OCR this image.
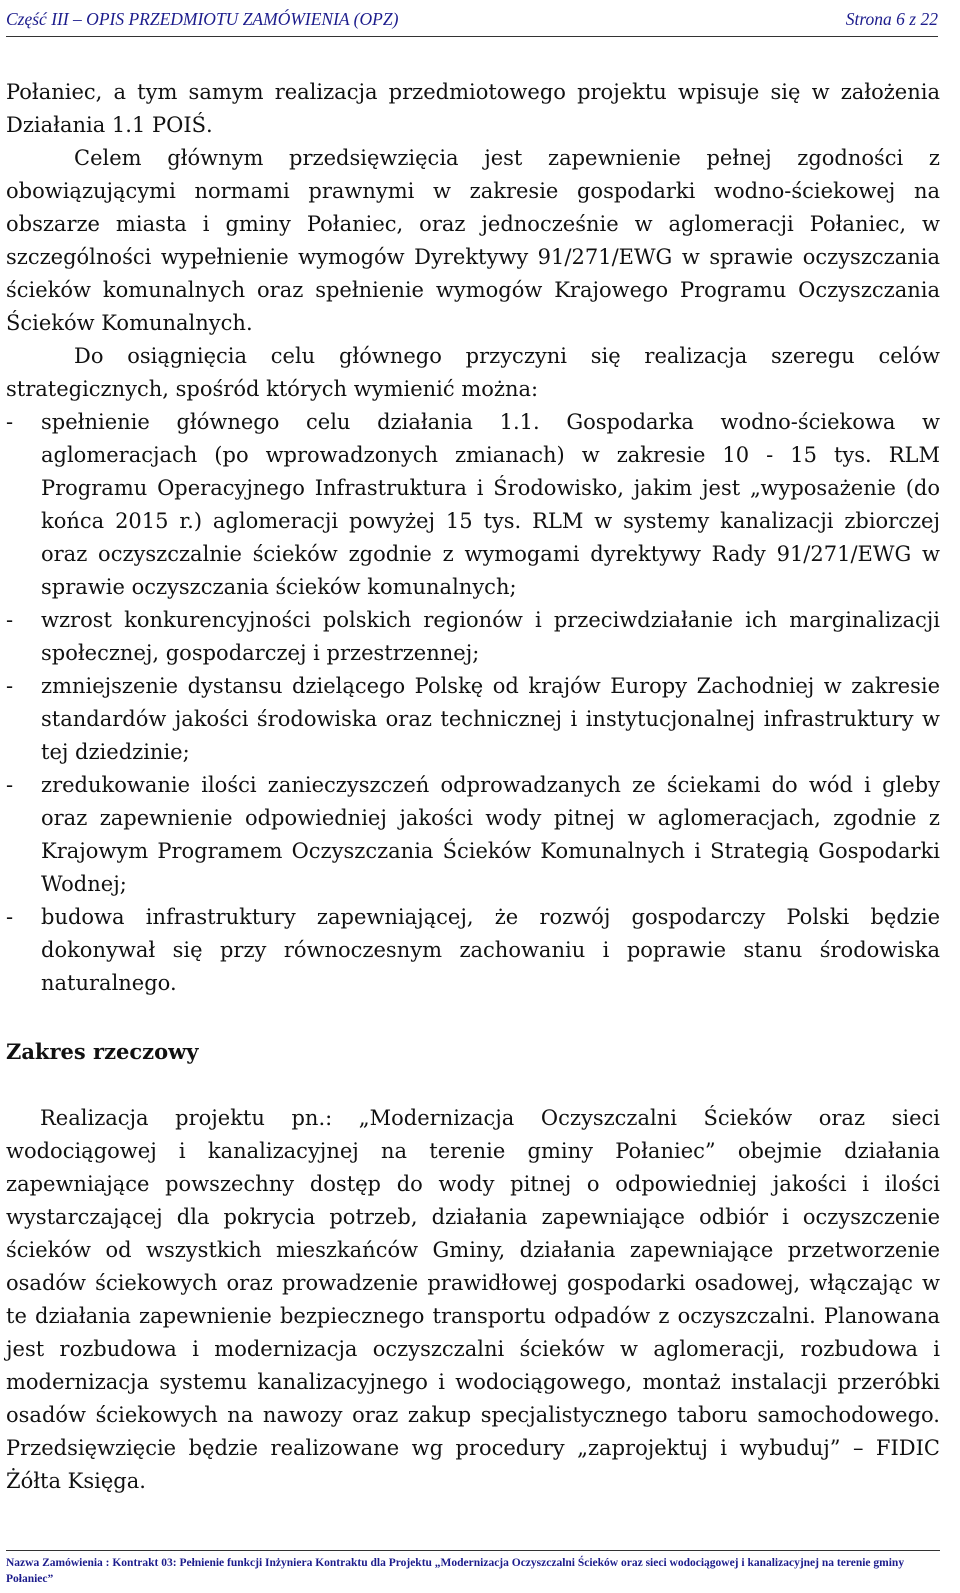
Część III – OPIS PRZEDMIOTU ZAMÓWIENIA (OPZ)	Strona 6 z 22

Połaniec, a tym samym realizacja przedmiotowego projektu wpisuje się w założenia Działania 1.1 POIŚ.

Celem głównym przedsięwzięcia jest zapewnienie pełnej zgodności z obowiązującymi normami prawnymi w zakresie gospodarki wodno-ściekowej na obszarze miasta i gminy Połaniec, oraz jednocześnie w aglomeracji Połaniec, w szczególności wypełnienie wymogów Dyrektywy 91/271/EWG w sprawie oczyszczania ścieków komunalnych oraz spełnienie wymogów Krajowego Programu Oczyszczania Ścieków Komunalnych.

Do osiągnięcia celu głównego przyczyni się realizacja szeregu celów strategicznych, spośród których wymienić można:

- spełnienie głównego celu działania 1.1. Gospodarka wodno-ściekowa w aglomeracjach (po wprowadzonych zmianach) w zakresie 10 - 15 tys. RLM Programu Operacyjnego Infrastruktura i Środowisko, jakim jest „wyposażenie (do końca 2015 r.) aglomeracji powyżej 15 tys. RLM w systemy kanalizacji zbiorczej oraz oczyszczalnie ścieków zgodnie z wymogami dyrektywy Rady 91/271/EWG w sprawie oczyszczania ścieków komunalnych;
- wzrost konkurencyjności polskich regionów i przeciwdziałanie ich marginalizacji społecznej, gospodarczej i przestrzennej;
- zmniejszenie dystansu dzielącego Polskę od krajów Europy Zachodniej w zakresie standardów jakości środowiska oraz technicznej i instytucjonalnej infrastruktury w tej dziedzinie;
- zredukowanie ilości zanieczyszczeń odprowadzanych ze ściekami do wód i gleby oraz zapewnienie odpowiedniej jakości wody pitnej w aglomeracjach, zgodnie z Krajowym Programem Oczyszczania Ścieków Komunalnych i Strategią Gospodarki Wodnej;
- budowa infrastruktury zapewniającej, że rozwój gospodarczy Polski będzie dokonywał się przy równoczesnym zachowaniu i poprawie stanu środowiska naturalnego.
Zakres rzeczowy

Realizacja projektu pn.: „Modernizacja Oczyszczalni Ścieków oraz sieci wodociągowej i kanalizacyjnej na terenie gminy Połaniec” obejmie działania zapewniające powszechny dostęp do wody pitnej o odpowiedniej jakości i ilości wystarczającej dla pokrycia potrzeb, działania zapewniające odbiór i oczyszczenie ścieków od wszystkich mieszkańców Gminy, działania zapewniające przetworzenie osadów ściekowych oraz prowadzenie prawidłowej gospodarki osadowej, włączając w te działania zapewnienie bezpiecznego transportu odpadów z oczyszczalni. Planowana jest rozbudowa i modernizacja oczyszczalni ścieków w aglomeracji, rozbudowa i modernizacja systemu kanalizacyjnego i wodociągowego, montaż instalacji przeróbki osadów ściekowych na nawozy oraz zakup specjalistycznego taboru samochodowego. Przedsięwzięcie będzie realizowane wg procedury „zaprojektuj i wybuduj” – FIDIC Żółta Księga.

Nazwa Zamówienia : Kontrakt 03: Pełnienie funkcji Inżyniera Kontraktu dla Projektu „Modernizacja Oczyszczalni Ścieków oraz sieci wodociągowej i kanalizacyjnej na terenie gminy Połaniec”
